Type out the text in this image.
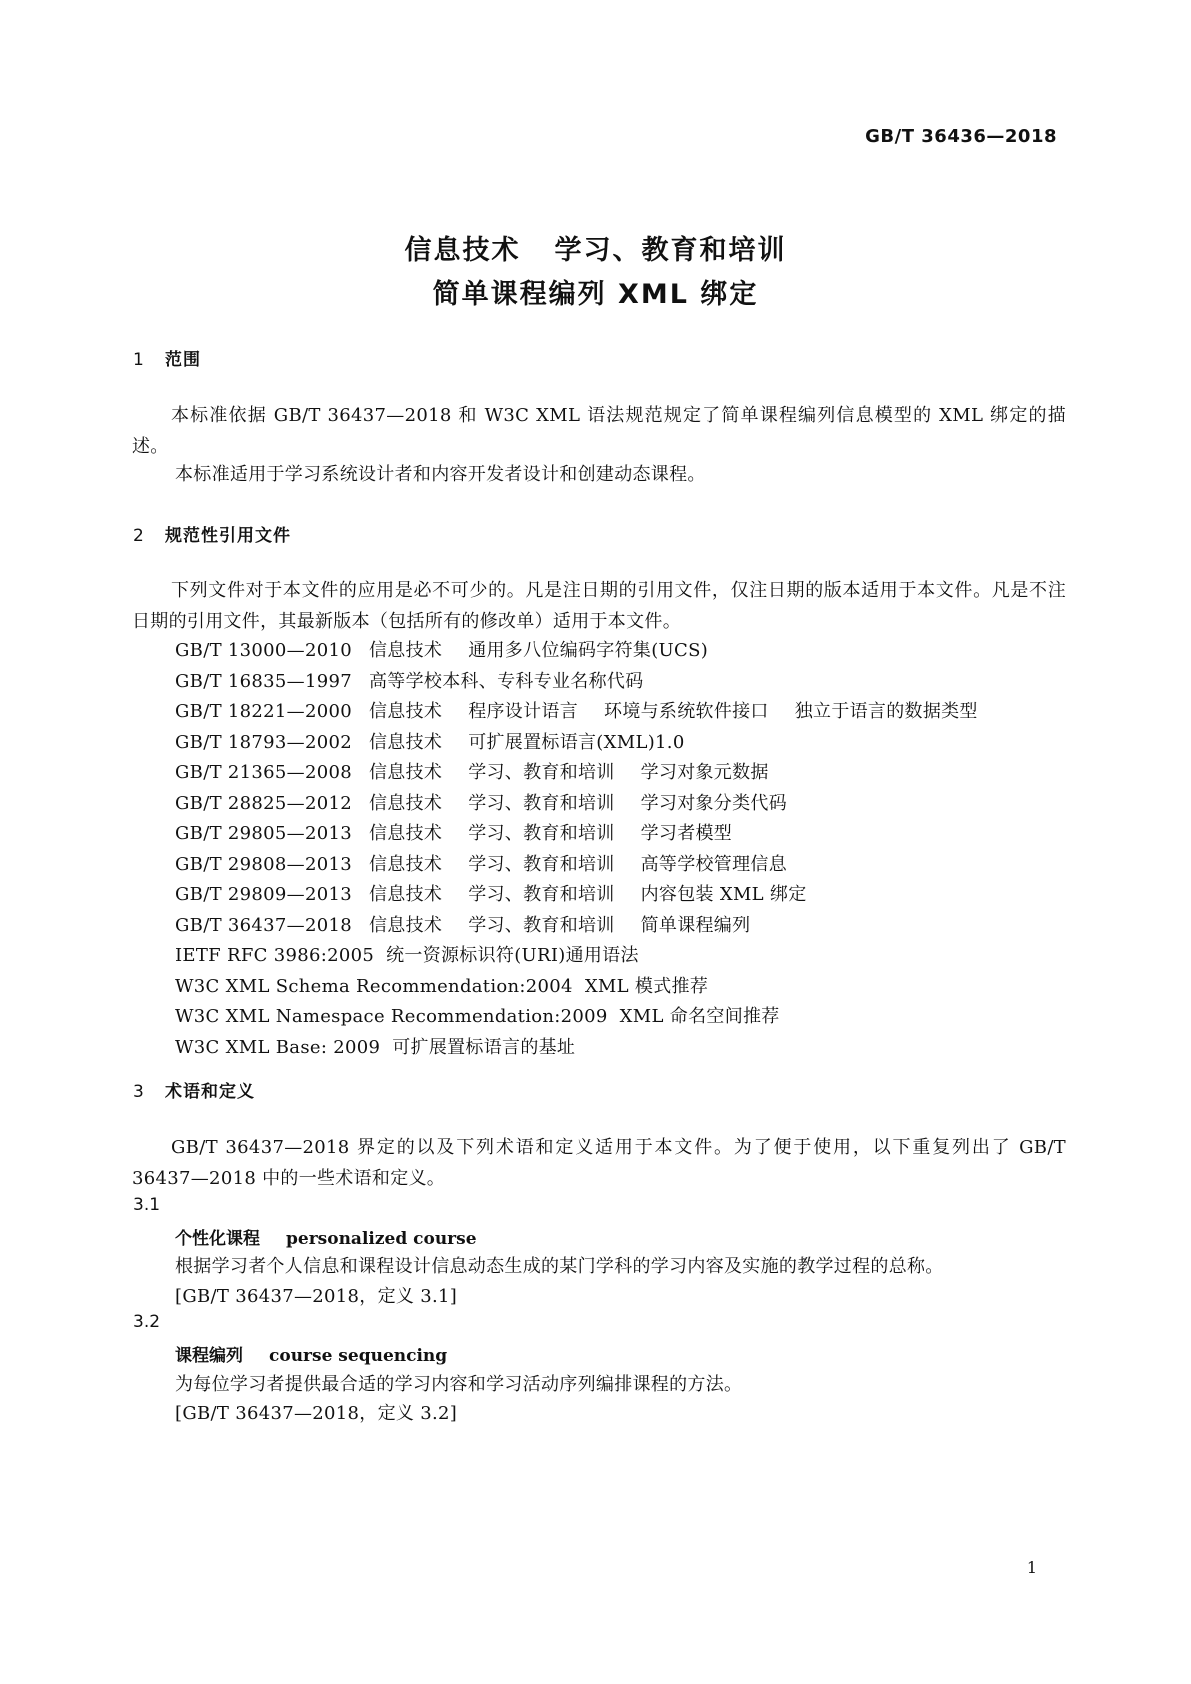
GB/T 36436—2018
信息技术 学习、教育和培训
简单课程编列 XML 绑定
1 范围
本标准依据 GB/T 36437—2018 和 W3C XML 语法规范规定了简单课程编列信息模型的 XML 绑定的描述。
本标准适用于学习系统设计者和内容开发者设计和创建动态课程。
2 规范性引用文件
下列文件对于本文件的应用是必不可少的。凡是注日期的引用文件，仅注日期的版本适用于本文件。凡是不注日期的引用文件，其最新版本（包括所有的修改单）适用于本文件。
GB/T 13000—2010 信息技术 通用多八位编码字符集(UCS)
GB/T 16835—1997 高等学校本科、专科专业名称代码
GB/T 18221—2000 信息技术 程序设计语言 环境与系统软件接口 独立于语言的数据类型
GB/T 18793—2002 信息技术 可扩展置标语言(XML)1.0
GB/T 21365—2008 信息技术 学习、教育和培训 学习对象元数据
GB/T 28825—2012 信息技术 学习、教育和培训 学习对象分类代码
GB/T 29805—2013 信息技术 学习、教育和培训 学习者模型
GB/T 29808—2013 信息技术 学习、教育和培训 高等学校管理信息
GB/T 29809—2013 信息技术 学习、教育和培训 内容包装 XML 绑定
GB/T 36437—2018 信息技术 学习、教育和培训 简单课程编列
IETF RFC 3986:2005 统一资源标识符(URI)通用语法
W3C XML Schema Recommendation:2004 XML 模式推荐
W3C XML Namespace Recommendation:2009 XML 命名空间推荐
W3C XML Base: 2009 可扩展置标语言的基址
3 术语和定义
GB/T 36437—2018 界定的以及下列术语和定义适用于本文件。为了便于使用，以下重复列出了 GB/T 36437—2018 中的一些术语和定义。
3.1
个性化课程 personalized course
根据学习者个人信息和课程设计信息动态生成的某门学科的学习内容及实施的教学过程的总称。
[GB/T 36437—2018，定义 3.1]
3.2
课程编列 course sequencing
为每位学习者提供最合适的学习内容和学习活动序列编排课程的方法。
[GB/T 36437—2018，定义 3.2]
1
